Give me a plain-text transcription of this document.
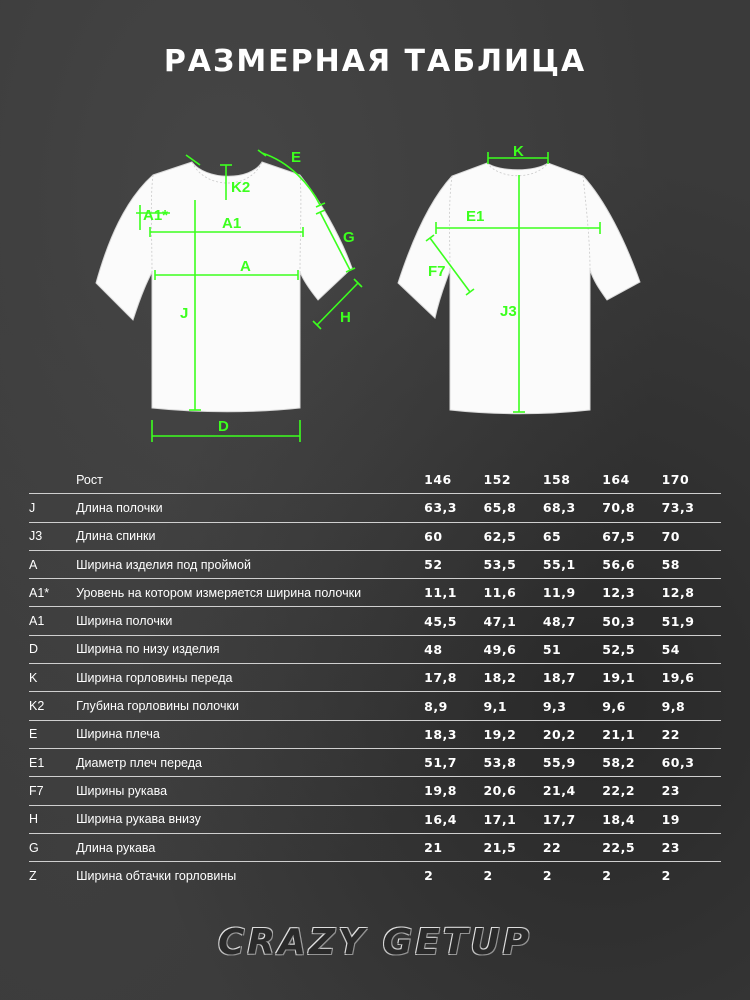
РАЗМЕРНАЯ ТАБЛИЦА
E
K2
A1*	A1
G
A
J	H
D
K
E1
F7
J3
	Рост	146	152	158	164	170
J	Длина полочки	63,3	65,8	68,3	70,8	73,3
J3	Длина спинки	60	62,5	65	67,5	70
A	Ширина изделия под проймой	52	53,5	55,1	56,6	58
A1*	Уровень на котором измеряется ширина полочки	11,1	11,6	11,9	12,3	12,8
A1	Ширина полочки	45,5	47,1	48,7	50,3	51,9
D	Ширина по низу изделия	48	49,6	51	52,5	54
K	Ширина горловины переда	17,8	18,2	18,7	19,1	19,6
K2	Глубина горловины полочки	8,9	9,1	9,3	9,6	9,8
E	Ширина плеча	18,3	19,2	20,2	21,1	22
E1	Диаметр плеч переда	51,7	53,8	55,9	58,2	60,3
F7	Ширины рукава	19,8	20,6	21,4	22,2	23
H	Ширина рукава внизу	16,4	17,1	17,7	18,4	19
G	Длина рукава	21	21,5	22	22,5	23
Z	Ширина обтачки горловины	2	2	2	2	2
CRAZY GETUP
